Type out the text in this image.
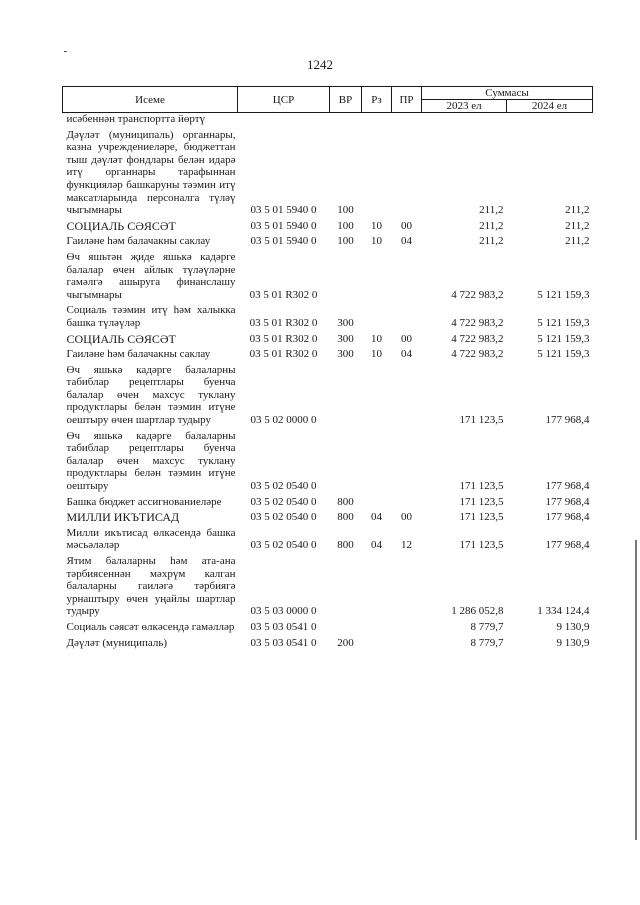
1242
Исеме	ЦСР	ВР	Рз	ПР	Суммасы	
					2023 ел	2024 ел
исәбеннән транспортта йөртү						
Дәүләт (муниципаль) органнары, казна учреждениеләре, бюджеттан тыш дәүләт фондлары белән идарә итү органнары тарафыннан функцияләр башкаруны тәэмин итү максатларында персоналга түләү чыгымнары	03 5 01 5940 0	100			211,2	211,2
СОЦИАЛЬ СӘЯСӘТ	03 5 01 5940 0	100	10	00	211,2	211,2
Гаиләне һәм балачакны саклау	03 5 01 5940 0	100	10	04	211,2	211,2
Өч яшьтән җиде яшькә кадәрге балалар өчен айлык түләүләрне гамәлгә ашыруга финанслашу чыгымнары	03 5 01 R302 0				4 722 983,2	5 121 159,3
Социаль тәэмин итү һәм халыкка башка түләүләр	03 5 01 R302 0	300			4 722 983,2	5 121 159,3
СОЦИАЛЬ СӘЯСӘТ	03 5 01 R302 0	300	10	00	4 722 983,2	5 121 159,3
Гаиләне һәм балачакны саклау	03 5 01 R302 0	300	10	04	4 722 983,2	5 121 159,3
Өч яшькә кадәрге балаларны табиблар рецептлары буенча балалар өчен махсус туклану продуктлары белән тәэмин итүне оештыру өчен шартлар тудыру	03 5 02 0000 0				171 123,5	177 968,4
Өч яшькә кадәрге балаларны табиблар рецептлары буенча балалар өчен махсус туклану продуктлары белән тәэмин итүне оештыру	03 5 02 0540 0				171 123,5	177 968,4
Башка бюджет ассигнованиеләре	03 5 02 0540 0	800			171 123,5	177 968,4
МИЛЛИ ИКЪТИСАД	03 5 02 0540 0	800	04	00	171 123,5	177 968,4
Милли икътисад өлкәсендә башка мәсьәләләр	03 5 02 0540 0	800	04	12	171 123,5	177 968,4
Ятим балаларны һәм ата-ана тәрбиясеннән мәхрүм калган балаларны гаиләгә тәрбиягә урнаштыру өчен уңайлы шартлар тудыру	03 5 03 0000 0				1 286 052,8	1 334 124,4
Социаль сәясәт өлкәсендә гамәлләр	03 5 03 0541 0				8 779,7	9 130,9
Дәүләт (муниципаль)	03 5 03 0541 0	200			8 779,7	9 130,9
